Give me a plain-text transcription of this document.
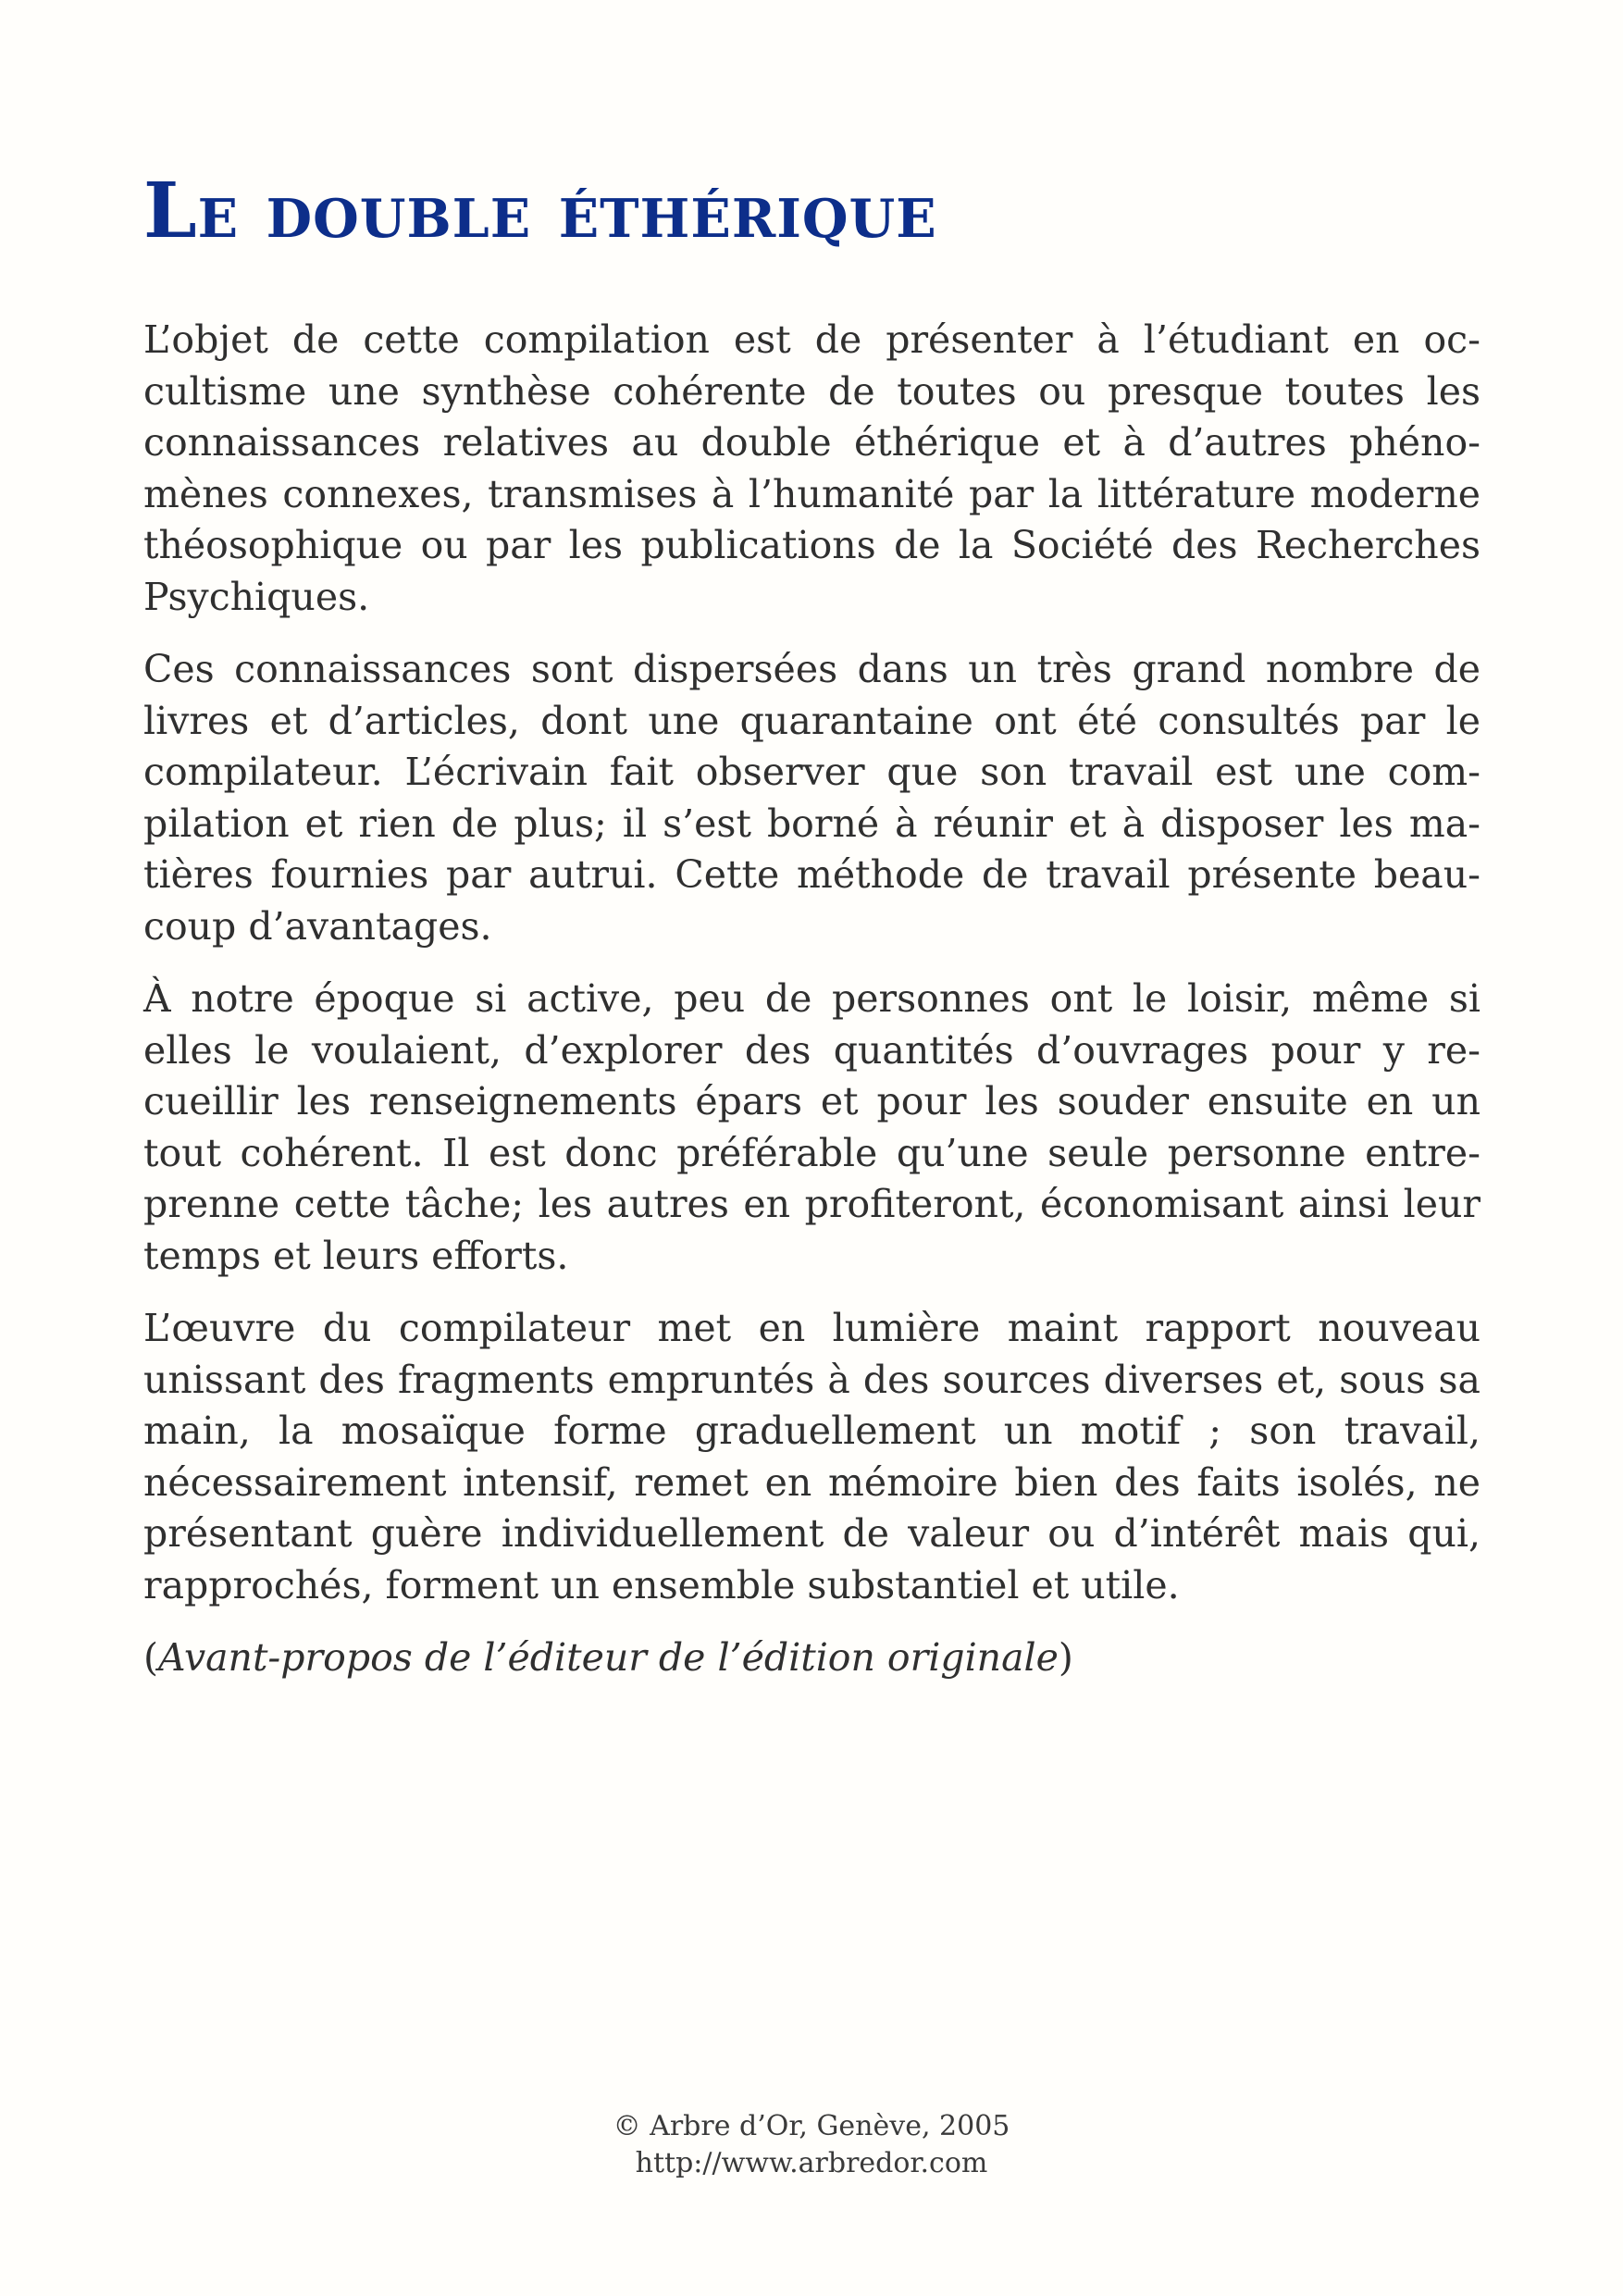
Le double éthérique

L’objet de cette compilation est de présenter à l’étudiant en occultisme une synthèse cohérente de toutes ou presque toutes les connaissances relatives au double éthérique et à d’autres phénomènes connexes, transmises à l’humanité par la littérature moderne théosophique ou par les publications de la Société des Recherches Psychiques.

Ces connaissances sont dispersées dans un très grand nombre de livres et d’articles, dont une quarantaine ont été consultés par le compilateur. L’écrivain fait observer que son travail est une compilation et rien de plus; il s’est borné à réunir et à disposer les matières fournies par autrui. Cette méthode de travail présente beaucoup d’avantages.

À notre époque si active, peu de personnes ont le loisir, même si elles le voulaient, d’explorer des quantités d’ouvrages pour y recueillir les renseignements épars et pour les souder ensuite en un tout cohérent. Il est donc préférable qu’une seule personne entreprenne cette tâche; les autres en profiteront, économisant ainsi leur temps et leurs efforts.

L’œuvre du compilateur met en lumière maint rapport nouveau unissant des fragments empruntés à des sources diverses et, sous sa main, la mosaïque forme graduellement un motif ; son travail, nécessairement intensif, remet en mémoire bien des faits isolés, ne présentant guère individuellement de valeur ou d’intérêt mais qui, rapprochés, forment un ensemble substantiel et utile.

(Avant-propos de l’éditeur de l’édition originale)

© Arbre d’Or, Genève, 2005
http://www.arbredor.com
